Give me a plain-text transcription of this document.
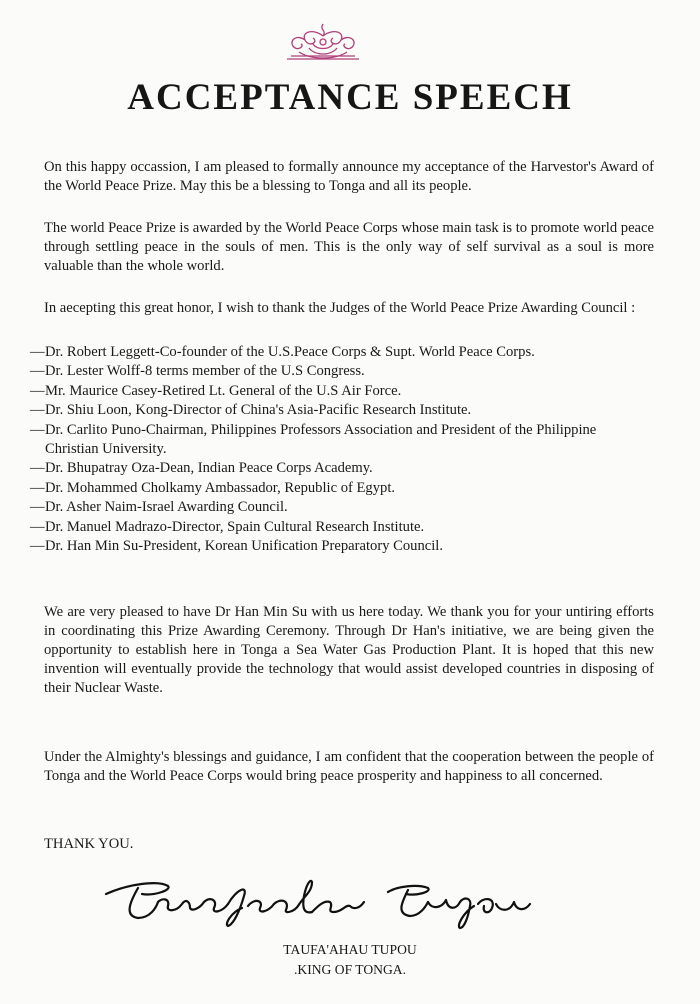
ACCEPTANCE SPEECH

On this happy occassion, I am pleased to formally announce my acceptance of the Harvestor's Award of the World Peace Prize. May this be a blessing to Tonga and all its people.

The world Peace Prize is awarded by the World Peace Corps whose main task is to promote world peace through settling peace in the souls of men. This is the only way of self survival as a soul is more valuable than the whole world.

In aecepting this great honor, I wish to thank the Judges of the World Peace Prize Awarding Council :

— Dr. Robert Leggett-Co-founder of the U.S.Peace Corps & Supt. World Peace Corps.
— Dr. Lester Wolff-8 terms member of the U.S Congress.
— Mr. Maurice Casey-Retired Lt. General of the U.S Air Force.
— Dr. Shiu Loon, Kong-Director of China's Asia-Pacific Research Institute.
— Dr. Carlito Puno-Chairman, Philippines Professors Association and President of the Philippine Christian University.
— Dr. Bhupatray Oza-Dean, Indian Peace Corps Academy.
— Dr. Mohammed Cholkamy Ambassador, Republic of Egypt.
— Dr. Asher Naim-Israel Awarding Council.
— Dr. Manuel Madrazo-Director, Spain Cultural Research Institute.
— Dr. Han Min Su-President, Korean Unification Preparatory Council.

We are very pleased to have Dr Han Min Su with us here today. We thank you for your untiring efforts in coordinating this Prize Awarding Ceremony. Through Dr Han's initiative, we are being given the opportunity to establish here in Tonga a Sea Water Gas Production Plant. It is hoped that this new invention will eventually provide the technology that would assist developed countries in disposing of their Nuclear Waste.

Under the Almighty's blessings and guidance, I am confident that the cooperation between the people of Tonga and the World Peace Corps would bring peace prosperity and happiness to all concerned.

THANK YOU.

TAUFA'AHAU TUPOU
.KING OF TONGA.
